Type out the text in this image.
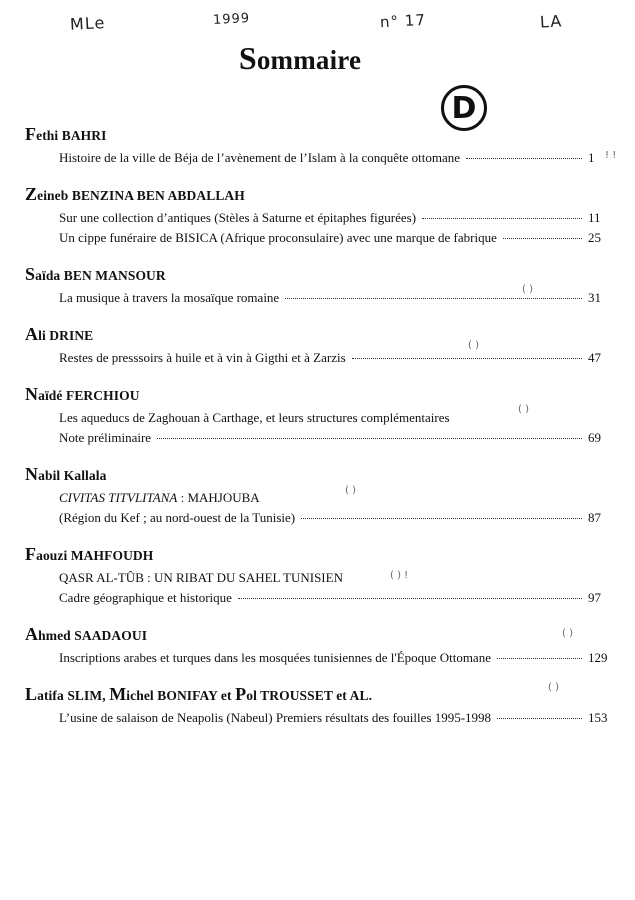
MLe	1999	n° 17	LA
Sommaire
D
Fethi BAHRI
Histoire de la ville de Béja de l’avènement de l’Islam à la conquête ottomane	1
Zeineb BENZINA BEN ABDALLAH
Sur une collection d’antiques (Stèles à Saturne et épitaphes figurées)	11
Un cippe funéraire de BISICA (Afrique proconsulaire) avec une marque de fabrique	25
Saïda BEN MANSOUR
La musique à travers la mosaïque romaine	31
Ali DRINE
Restes de presssoirs à huile et à vin à Gigthi et à Zarzis	47
Naïdé FERCHIOU
Les aqueducs de Zaghouan à Carthage, et leurs structures complémentaires
Note préliminaire	69
Nabil Kallala
CIVITAS TITVLITANA : MAHJOUBA
(Région du Kef ; au nord-ouest de la Tunisie)	87
Faouzi MAHFOUDH
QASR AL-TÛB : UN RIBAT DU SAHEL TUNISIEN
Cadre géographique et historique	97
Ahmed SAADAOUI
Inscriptions arabes et turques dans les mosquées tunisiennes de l'Époque Ottomane	129
Latifa SLIM, Michel BONIFAY et Pol TROUSSET et AL.
L’usine de salaison de Neapolis (Nabeul) Premiers résultats des fouilles 1995-1998	153
! !
( )
( )
( )
( )
( ) !
( )
( )
